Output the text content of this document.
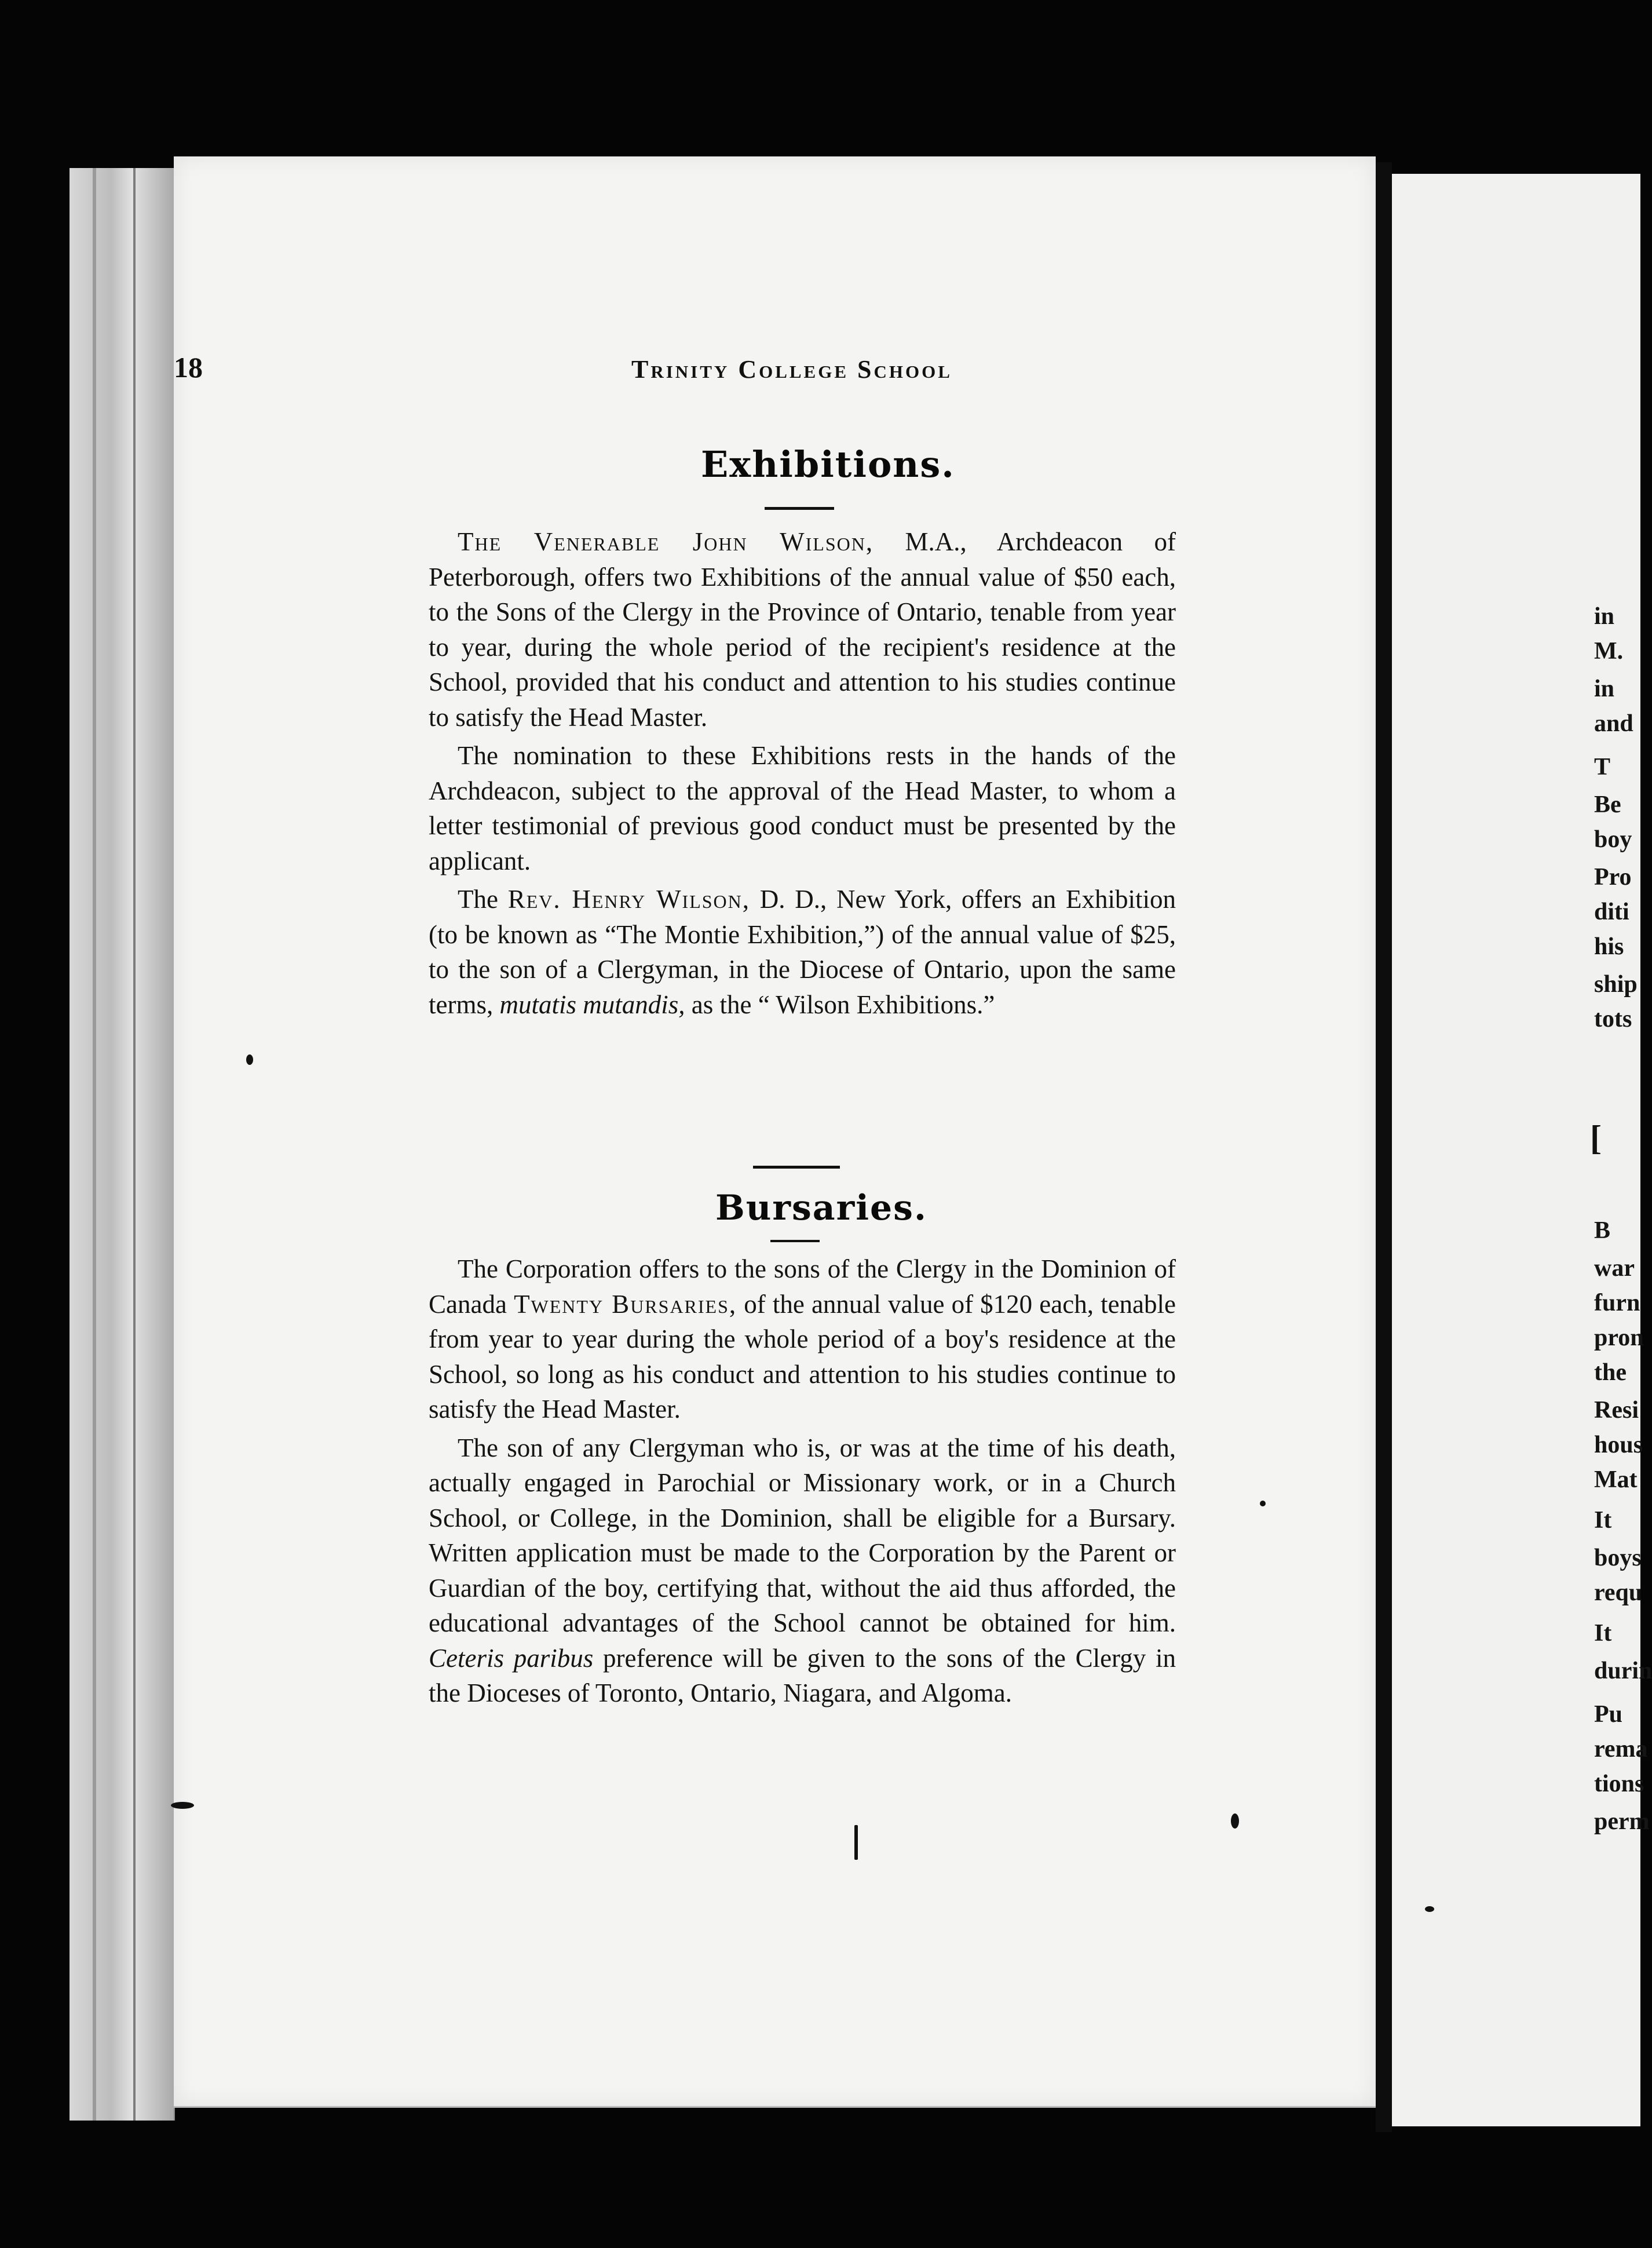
18	Trinity College School
Exhibitions.

The Venerable John Wilson, M.A., Archdeacon of Peterborough, offers two Exhibitions of the annual value of $50 each, to the Sons of the Clergy in the Province of Ontario, tenable from year to year, during the whole period of the recipient's residence at the School, provided that his conduct and attention to his studies continue to satisfy the Head Master.

The nomination to these Exhibitions rests in the hands of the Archdeacon, subject to the approval of the Head Master, to whom a letter testimonial of previous good conduct must be presented by the applicant.

The Rev. Henry Wilson, D. D., New York, offers an Exhibition (to be known as “The Montie Exhibition,”) of the annual value of $25, to the son of a Clergyman, in the Diocese of Ontario, upon the same terms, mutatis mutandis, as the “ Wilson Exhibitions.”

Bursaries.

The Corporation offers to the sons of the Clergy in the Dominion of Canada Twenty Bursaries, of the annual value of $120 each, tenable from year to year during the whole period of a boy's residence at the School, so long as his conduct and attention to his studies continue to satisfy the Head Master.

The son of any Clergyman who is, or was at the time of his death, actually engaged in Parochial or Missionary work, or in a Church School, or College, in the Dominion, shall be eligible for a Bursary. Written application must be made to the Corporation by the Parent or Guardian of the boy, certifying that, without the aid thus afforded, the educational advantages of the School cannot be obtained for him. Ceteris paribus preference will be given to the sons of the Clergy in the Dioceses of Toronto, Ontario, Niagara, and Algoma.

in
M.
in
and
T
Be
boy
Pro
diti
his
ship
tots
B
war
furn
pron
the
Resi
hous
Mat
It
boys
requ
It
durin
Pu
rema
tions
perm
[
